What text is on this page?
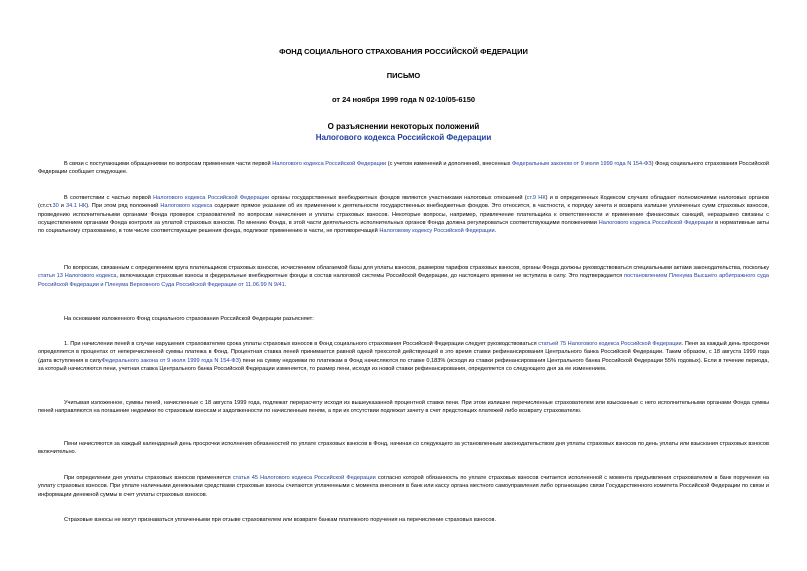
ФОНД СОЦИАЛЬНОГО СТРАХОВАНИЯ РОССИЙСКОЙ ФЕДЕРАЦИИ
ПИСЬМО
от 24 ноября 1999 года N 02-10/05-6150
О разъяснении некоторых положений
Налогового кодекса Российской Федерации

В связи с поступающими обращениями по вопросам применения части первой Налогового кодекса Российской Федерации (с учетом изменений и дополнений, внесенных Федеральным законом от 9 июля 1999 года N 154-ФЗ) Фонд социального страхования Российской Федерации сообщает следующее.

В соответствии с частью первой Налогового кодекса Российской Федерации органы государственных внебюджетных фондов являются участниками налоговых отношений (ст.9 НК) и в определенных Кодексом случаях обладают полномочиями налоговых органов (ст.ст.30 и 34.1 НК). При этом ряд положений Налогового кодекса содержит прямое указание об их применении к деятельности государственных внебюджетных фондов. Это относится, в частности, к порядку зачета и возврата излишне уплаченных сумм страховых взносов, проведению исполнительными органами Фонда проверок страхователей по вопросам начисления и уплаты страховых взносов. Некоторые вопросы, например, привлечение плательщика к ответственности и применение финансовых санкций, неразрывно связаны с осуществлением органами Фонда контроля за уплатой страховых взносов. По мнению Фонда, в этой части деятельность исполнительных органов Фонда должна регулироваться соответствующими положениями Налогового кодекса Российской Федерации в нормативные акты по социальному страхованию, в том числе соответствующие решения фонда, подлежат применению в части, не противоречащей Налоговому кодексу Российской Федерации.

По вопросам, связанным с определением круга плательщиков страховых взносов, исчислением облагаемой базы для уплаты взносов, размером тарифов страховых взносов, органы Фонда должны руководствоваться специальными актами законодательства, поскольку статья 13 Налогового кодекса, включающая страховые взносы в федеральные внебюджетные фонды в состав налоговой системы Российской Федерации, до настоящего времени не вступила в силу. Это подтверждается постановлением Пленума Высшего арбитражного суда Российской Федерации и Пленума Верховного Суда Российской Федерации от 11.06.99 N 9/41.

На основании изложенного Фонд социального страхования Российской Федерации разъясняет:

1. При начислении пеней в случае нарушения страхователем срока уплаты страховых взносов в Фонд социального страхования Российской Федерации следует руководствоваться статьей 75 Налогового кодекса Российской Федерации. Пеня за каждый день просрочки определяется в процентах от неперечисленной суммы платежа в Фонд. Процентная ставка пеней принимается равной одной трехсотой действующей в это время ставки рефинансирования Центрального банка Российской Федерации. Таким образом, с 18 августа 1999 года (дата вступления в силуФедерального закона от 9 июля 1999 года N 154-ФЗ) пени на сумму недоимки по платежам в Фонд начисляются по ставке 0,183% (исходя из ставки рефинансирования Центрального банка Российской Федерации 55% годовых). Если в течение периода, за который начисляются пени, учетная ставка Центрального банка Российской Федерации изменяется, то размер пени, исходя из новой ставки рефинансирования, определяется со следующего дня за ее изменением.

Учитывая изложенное, суммы пеней, начисленные с 18 августа 1999 года, подлежат перерасчету исходя из вышеуказанной процентной ставки пени. При этом излишне перечисленные страхователем или взысканные с него исполнительными органами Фонда суммы пеней направляются на погашение недоимки по страховым взносам и задолженности по начисленным пеням, а при их отсутствии подлежат зачету в счет предстоящих платежей либо возврату страхователю.

Пени начисляются за каждый календарный день просрочки исполнения обязанностей по уплате страховых взносов в Фонд, начиная со следующего за установленным законодательством дня уплаты страховых взносов по день уплаты или взыскания страховых взносов включительно.

При определении дня уплаты страховых взносов применяется статья 45 Налогового кодекса Российской Федерации согласно которой обязанность по уплате страховых взносов считается исполненной с момента предъявления страхователем в банк поручения на уплату страховых взносов. При уплате наличными денежными средствами страховые взносы считаются уплаченными с момента внесения в банк или кассу органа местного самоуправления либо организацию связи Государственного комитета Российской Федерации по связи и информации денежной суммы в счет уплаты страховых взносов.

Страховые взносы не могут признаваться уплаченными при отзыве страхователем или возврате банкам платежного поручения на перечисление страховых взносов.
